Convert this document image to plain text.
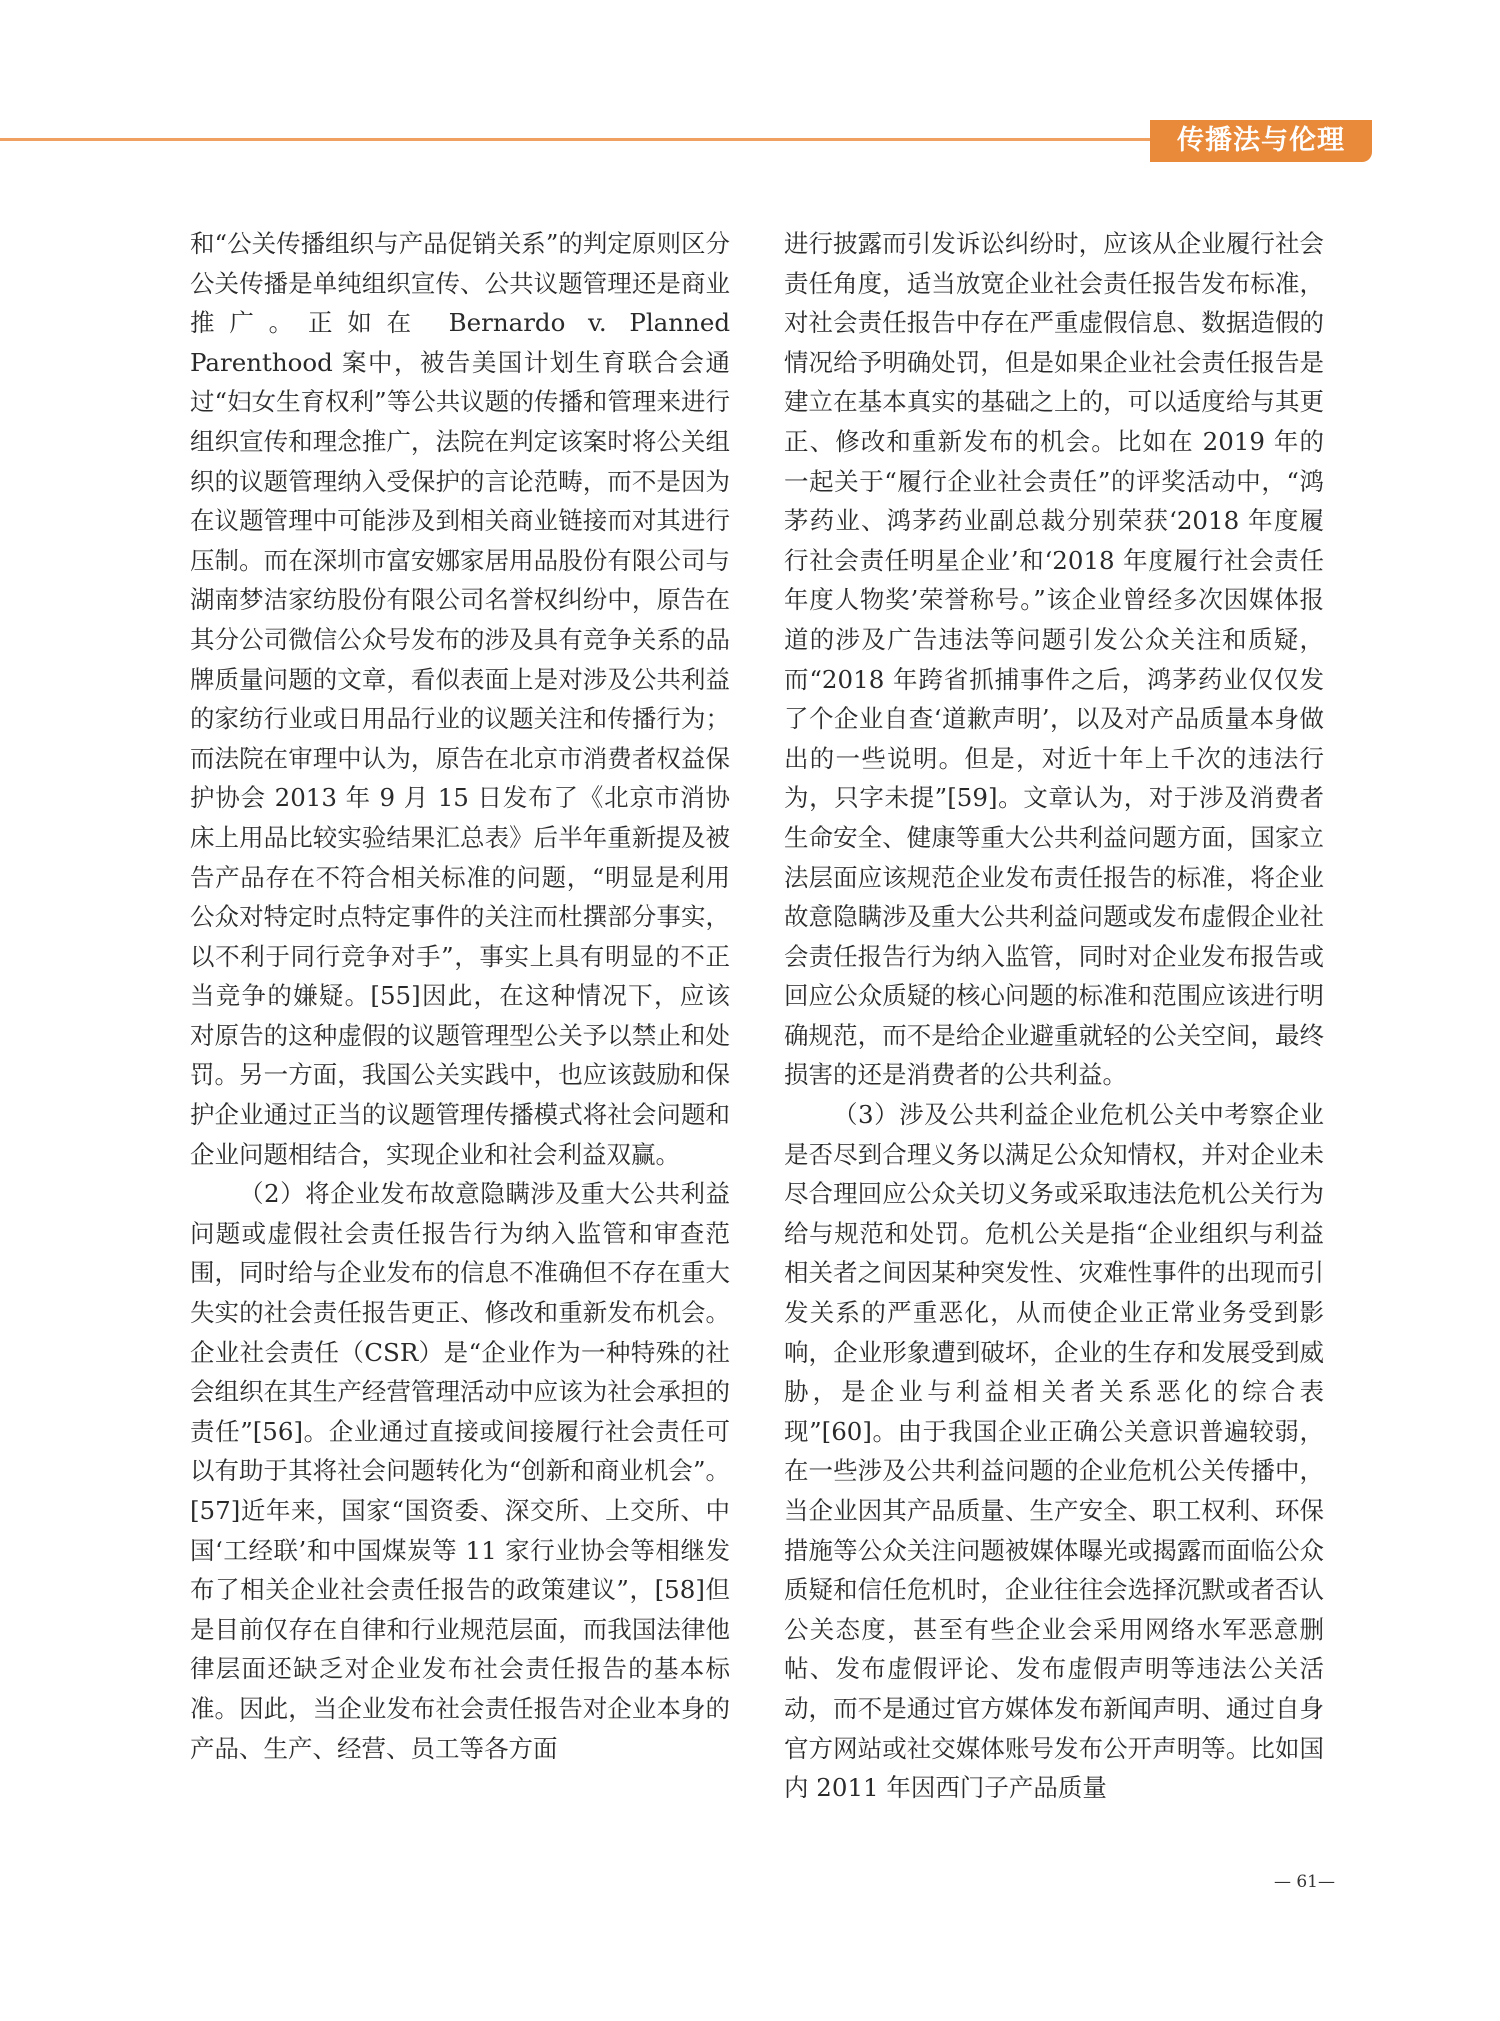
传播法与伦理

和“公关传播组织与产品促销关系”的判定原则区分公关传播是单纯组织宣传、公共议题管理还是商业推广。正如在 Bernardo v. Planned Parenthood 案中，被告美国计划生育联合会通过“妇女生育权利”等公共议题的传播和管理来进行组织宣传和理念推广，法院在判定该案时将公关组织的议题管理纳入受保护的言论范畴，而不是因为在议题管理中可能涉及到相关商业链接而对其进行压制。而在深圳市富安娜家居用品股份有限公司与湖南梦洁家纺股份有限公司名誉权纠纷中，原告在其分公司微信公众号发布的涉及具有竞争关系的品牌质量问题的文章，看似表面上是对涉及公共利益的家纺行业或日用品行业的议题关注和传播行为；而法院在审理中认为，原告在北京市消费者权益保护协会 2013 年 9 月 15 日发布了《北京市消协床上用品比较实验结果汇总表》后半年重新提及被告产品存在不符合相关标准的问题，“明显是利用公众对特定时点特定事件的关注而杜撰部分事实，以不利于同行竞争对手”，事实上具有明显的不正当竞争的嫌疑。[55]因此，在这种情况下，应该对原告的这种虚假的议题管理型公关予以禁止和处罚。另一方面，我国公关实践中，也应该鼓励和保护企业通过正当的议题管理传播模式将社会问题和企业问题相结合，实现企业和社会利益双赢。

（2）将企业发布故意隐瞒涉及重大公共利益问题或虚假社会责任报告行为纳入监管和审查范围，同时给与企业发布的信息不准确但不存在重大失实的社会责任报告更正、修改和重新发布机会。企业社会责任（CSR）是“企业作为一种特殊的社会组织在其生产经营管理活动中应该为社会承担的责任”[56]。企业通过直接或间接履行社会责任可以有助于其将社会问题转化为“创新和商业机会”。[57]近年来，国家“国资委、深交所、上交所、中国‘工经联’和中国煤炭等 11 家行业协会等相继发布了相关企业社会责任报告的政策建议”，[58]但是目前仅存在自律和行业规范层面，而我国法律他律层面还缺乏对企业发布社会责任报告的基本标准。因此，当企业发布社会责任报告对企业本身的产品、生产、经营、员工等各方面

进行披露而引发诉讼纠纷时，应该从企业履行社会责任角度，适当放宽企业社会责任报告发布标准，对社会责任报告中存在严重虚假信息、数据造假的情况给予明确处罚，但是如果企业社会责任报告是建立在基本真实的基础之上的，可以适度给与其更正、修改和重新发布的机会。比如在 2019 年的一起关于“履行企业社会责任”的评奖活动中，“鸿茅药业、鸿茅药业副总裁分别荣获‘2018 年度履行社会责任明星企业’和‘2018 年度履行社会责任年度人物奖’荣誉称号。”该企业曾经多次因媒体报道的涉及广告违法等问题引发公众关注和质疑，而“2018 年跨省抓捕事件之后，鸿茅药业仅仅发了个企业自查‘道歉声明’，以及对产品质量本身做出的一些说明。但是，对近十年上千次的违法行为，只字未提”[59]。文章认为，对于涉及消费者生命安全、健康等重大公共利益问题方面，国家立法层面应该规范企业发布责任报告的标准，将企业故意隐瞒涉及重大公共利益问题或发布虚假企业社会责任报告行为纳入监管，同时对企业发布报告或回应公众质疑的核心问题的标准和范围应该进行明确规范，而不是给企业避重就轻的公关空间，最终损害的还是消费者的公共利益。

（3）涉及公共利益企业危机公关中考察企业是否尽到合理义务以满足公众知情权，并对企业未尽合理回应公众关切义务或采取违法危机公关行为给与规范和处罚。危机公关是指“企业组织与利益相关者之间因某种突发性、灾难性事件的出现而引发关系的严重恶化，从而使企业正常业务受到影响，企业形象遭到破坏，企业的生存和发展受到威胁，是企业与利益相关者关系恶化的综合表现”[60]。由于我国企业正确公关意识普遍较弱，在一些涉及公共利益问题的企业危机公关传播中，当企业因其产品质量、生产安全、职工权利、环保措施等公众关注问题被媒体曝光或揭露而面临公众质疑和信任危机时，企业往往会选择沉默或者否认公关态度，甚至有些企业会采用网络水军恶意删帖、发布虚假评论、发布虚假声明等违法公关活动，而不是通过官方媒体发布新闻声明、通过自身官方网站或社交媒体账号发布公开声明等。比如国内 2011 年因西门子产品质量

— 61—
